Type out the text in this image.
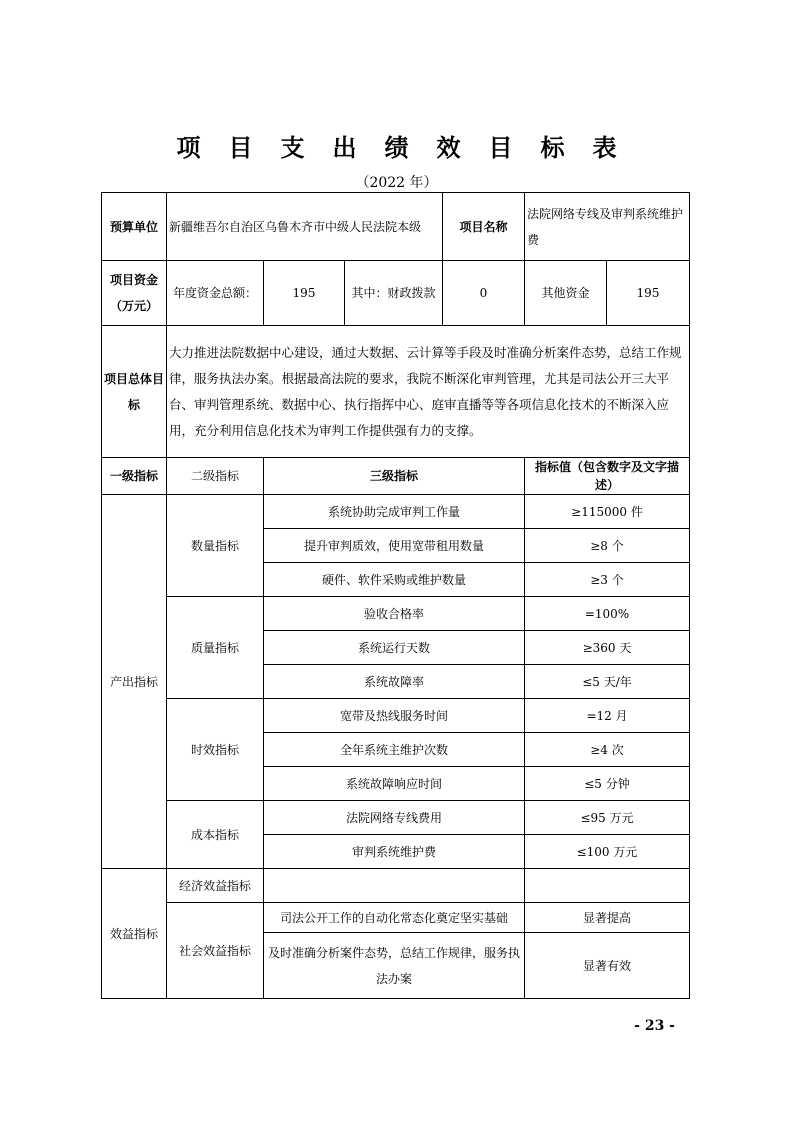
项目支出绩效目标表
（2022 年）
预算单位	新疆维吾尔自治区乌鲁木齐市中级人民法院本级			项目名称	法院网络专线及审判系统维护费	
项目资金（万元）	年度资金总额：	195	其中：财政拨款	0	其他资金	195
项目总体目标	大力推进法院数据中心建设，通过大数据、云计算等手段及时准确分析案件态势，总结工作规律，服务执法办案。根据最高法院的要求，我院不断深化审判管理，尤其是司法公开三大平台、审判管理系统、数据中心、执行指挥中心、庭审直播等等各项信息化技术的不断深入应用，充分利用信息化技术为审判工作提供强有力的支撑。					
一级指标	二级指标	三级指标			指标值（包含数字及文字描述）	
产出指标	数量指标	系统协助完成审判工作量			≥115000 件	
		提升审判质效，使用宽带租用数量			≥8 个	
		硬件、软件采购或维护数量			≥3 个	
	质量指标	验收合格率			=100%	
		系统运行天数			≥360 天	
		系统故障率			≤5 天/年	
	时效指标	宽带及热线服务时间			=12 月	
		全年系统主维护次数			≥4 次	
		系统故障响应时间			≤5 分钟	
	成本指标	法院网络专线费用			≤95 万元	
		审判系统维护费			≤100 万元	
效益指标	经济效益指标					
	社会效益指标	司法公开工作的自动化常态化奠定坚实基础			显著提高	
		及时准确分析案件态势，总结工作规律，服务执法办案			显著有效	
- 23 -
